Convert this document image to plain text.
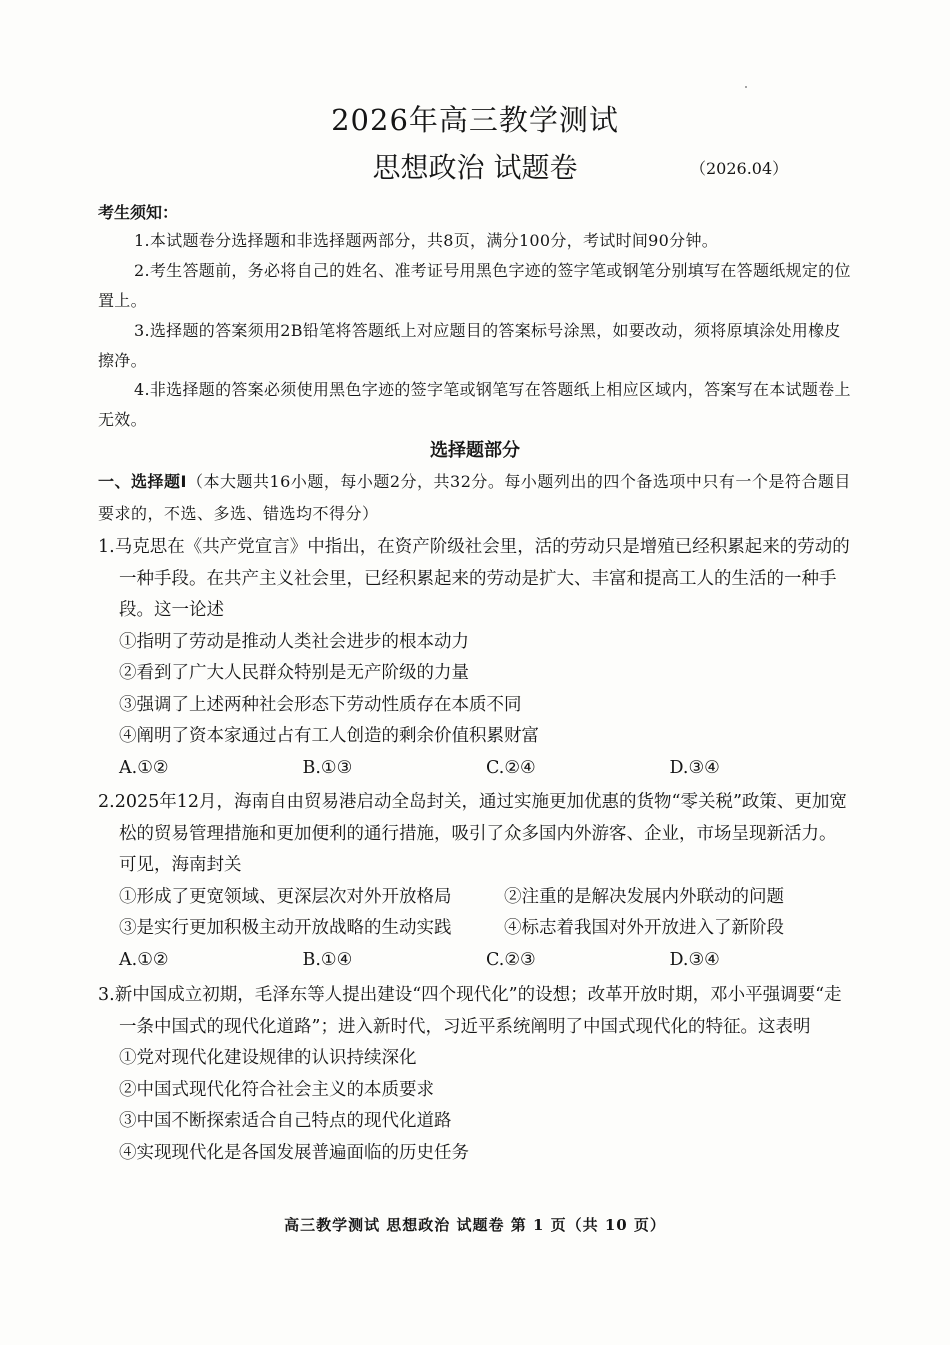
2026年高三教学测试
思想政治 试题卷	（2026.04）
考生须知：
1.本试题卷分选择题和非选择题两部分，共8页，满分100分，考试时间90分钟。
2.考生答题前，务必将自己的姓名、准考证号用黑色字迹的签字笔或钢笔分别填写在答题纸规定的位置上。
3.选择题的答案须用2B铅笔将答题纸上对应题目的答案标号涂黑，如要改动，须将原填涂处用橡皮擦净。
4.非选择题的答案必须使用黑色字迹的签字笔或钢笔写在答题纸上相应区域内，答案写在本试题卷上无效。
选择题部分
一、选择题Ⅰ（本大题共16小题，每小题2分，共32分。每小题列出的四个备选项中只有一个是符合题目要求的，不选、多选、错选均不得分）
1.马克思在《共产党宣言》中指出，在资产阶级社会里，活的劳动只是增殖已经积累起来的劳动的一种手段。在共产主义社会里，已经积累起来的劳动是扩大、丰富和提高工人的生活的一种手段。这一论述
①指明了劳动是推动人类社会进步的根本动力
②看到了广大人民群众特别是无产阶级的力量
③强调了上述两种社会形态下劳动性质存在本质不同
④阐明了资本家通过占有工人创造的剩余价值积累财富
A.①②	B.①③	C.②④	D.③④
2.2025年12月，海南自由贸易港启动全岛封关，通过实施更加优惠的货物“零关税”政策、更加宽松的贸易管理措施和更加便利的通行措施，吸引了众多国内外游客、企业，市场呈现新活力。可见，海南封关
①形成了更宽领域、更深层次对外开放格局	②注重的是解决发展内外联动的问题
③是实行更加积极主动开放战略的生动实践	④标志着我国对外开放进入了新阶段
A.①②	B.①④	C.②③	D.③④
3.新中国成立初期，毛泽东等人提出建设“四个现代化”的设想；改革开放时期，邓小平强调要“走一条中国式的现代化道路”；进入新时代，习近平系统阐明了中国式现代化的特征。这表明
①党对现代化建设规律的认识持续深化
②中国式现代化符合社会主义的本质要求
③中国不断探索适合自己特点的现代化道路
④实现现代化是各国发展普遍面临的历史任务
高三教学测试 思想政治 试题卷 第 1 页（共 10 页）
